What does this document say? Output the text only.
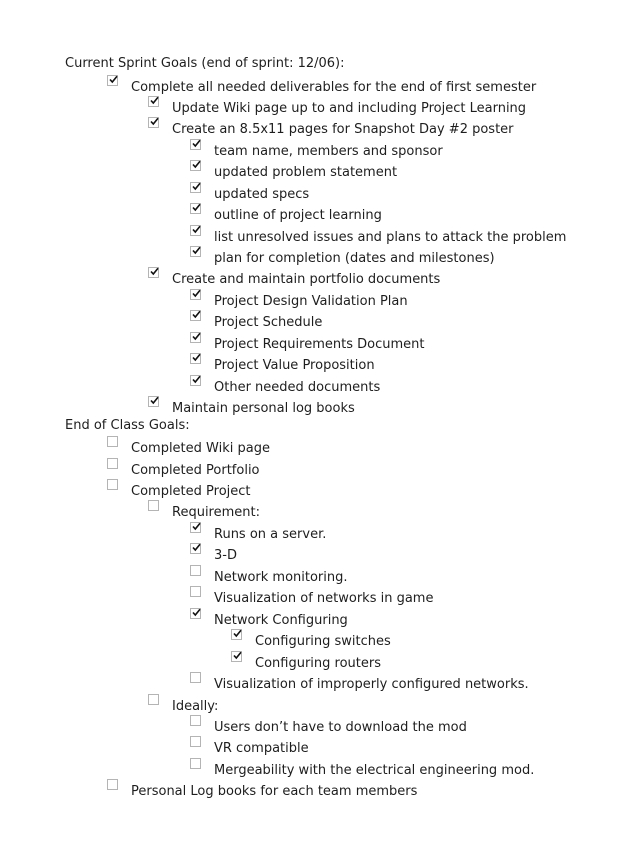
Current Sprint Goals (end of sprint: 12/06):
Complete all needed deliverables for the end of first semester
Update Wiki page up to and including Project Learning
Create an 8.5x11 pages for Snapshot Day #2 poster
team name, members and sponsor
updated problem statement
updated specs
outline of project learning
list unresolved issues and plans to attack the problem
plan for completion (dates and milestones)
Create and maintain portfolio documents
Project Design Validation Plan
Project Schedule
Project Requirements Document
Project Value Proposition
Other needed documents
Maintain personal log books
End of Class Goals:
Completed Wiki page
Completed Portfolio
Completed Project
Requirement:
Runs on a server.
3-D
Network monitoring.
Visualization of networks in game
Network Configuring
Configuring switches
Configuring routers
Visualization of improperly configured networks.
Ideally:
Users don’t have to download the mod
VR compatible
Mergeability with the electrical engineering mod.
Personal Log books for each team members
